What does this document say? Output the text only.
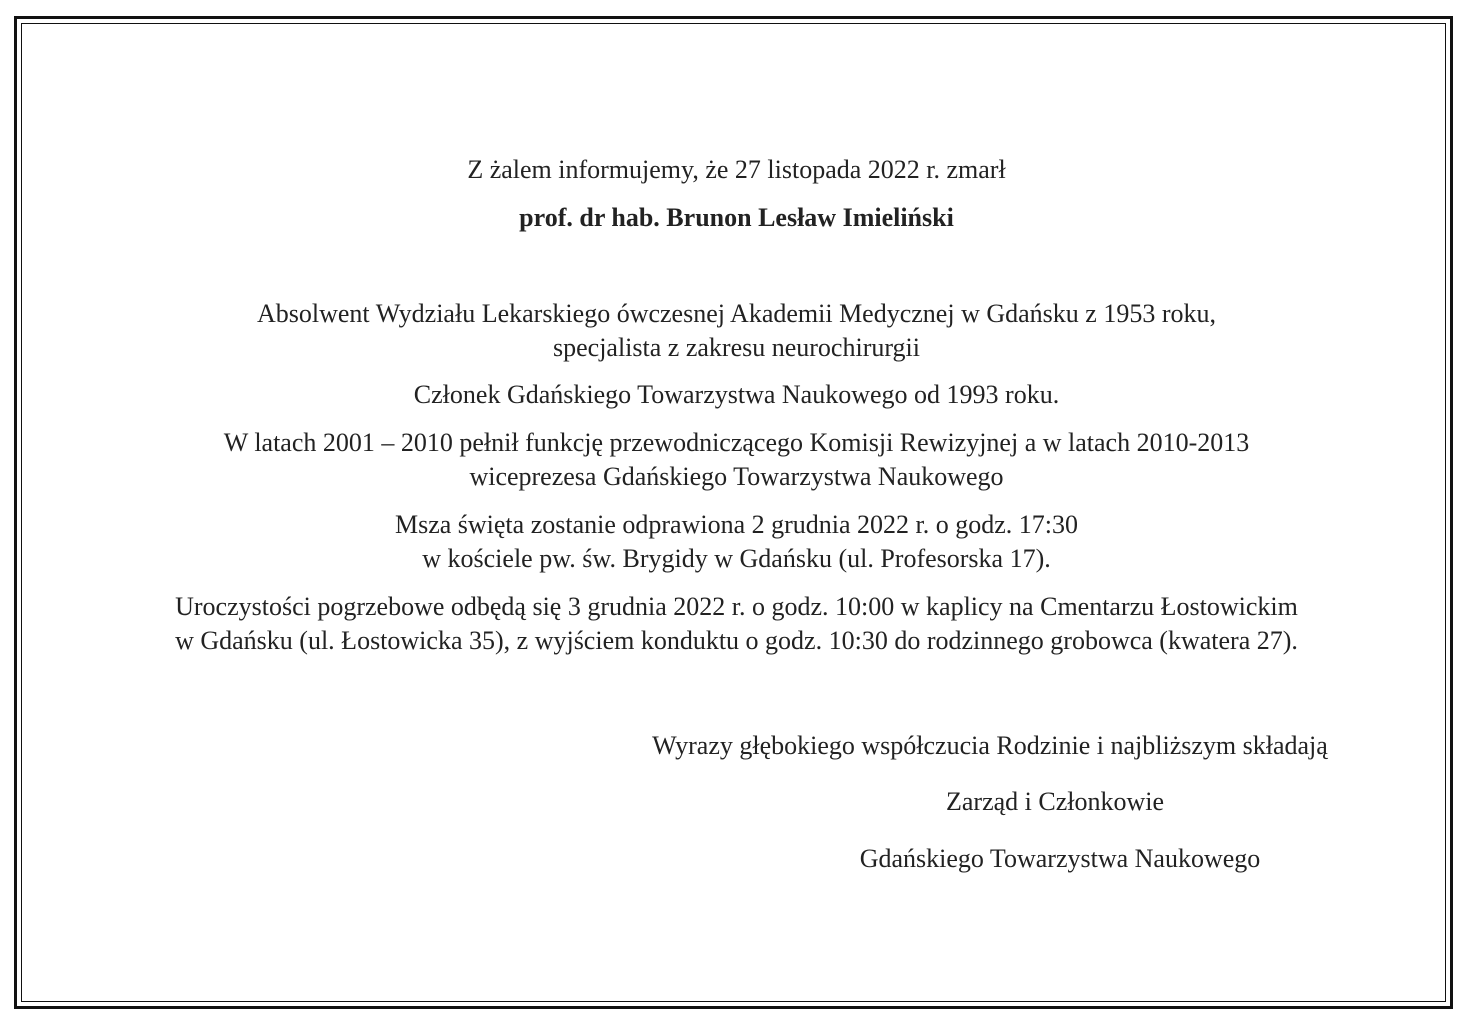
Z żalem informujemy, że 27 listopada 2022 r. zmarł
prof. dr hab. Brunon Lesław Imieliński
Absolwent Wydziału Lekarskiego ówczesnej Akademii Medycznej w Gdańsku z 1953 roku,
specjalista z zakresu neurochirurgii
Członek Gdańskiego Towarzystwa Naukowego od 1993 roku.
W latach 2001 – 2010 pełnił funkcję przewodniczącego Komisji Rewizyjnej a w latach 2010-2013
wiceprezesa Gdańskiego Towarzystwa Naukowego
Msza święta zostanie odprawiona 2 grudnia 2022 r. o godz. 17:30
w kościele pw. św. Brygidy w Gdańsku (ul. Profesorska 17).
Uroczystości pogrzebowe odbędą się 3 grudnia 2022 r. o godz. 10:00 w kaplicy na Cmentarzu Łostowickim
w Gdańsku (ul. Łostowicka 35), z wyjściem konduktu o godz. 10:30 do rodzinnego grobowca (kwatera 27).
Wyrazy głębokiego współczucia Rodzinie i najbliższym składają
Zarząd i Członkowie
Gdańskiego Towarzystwa Naukowego
